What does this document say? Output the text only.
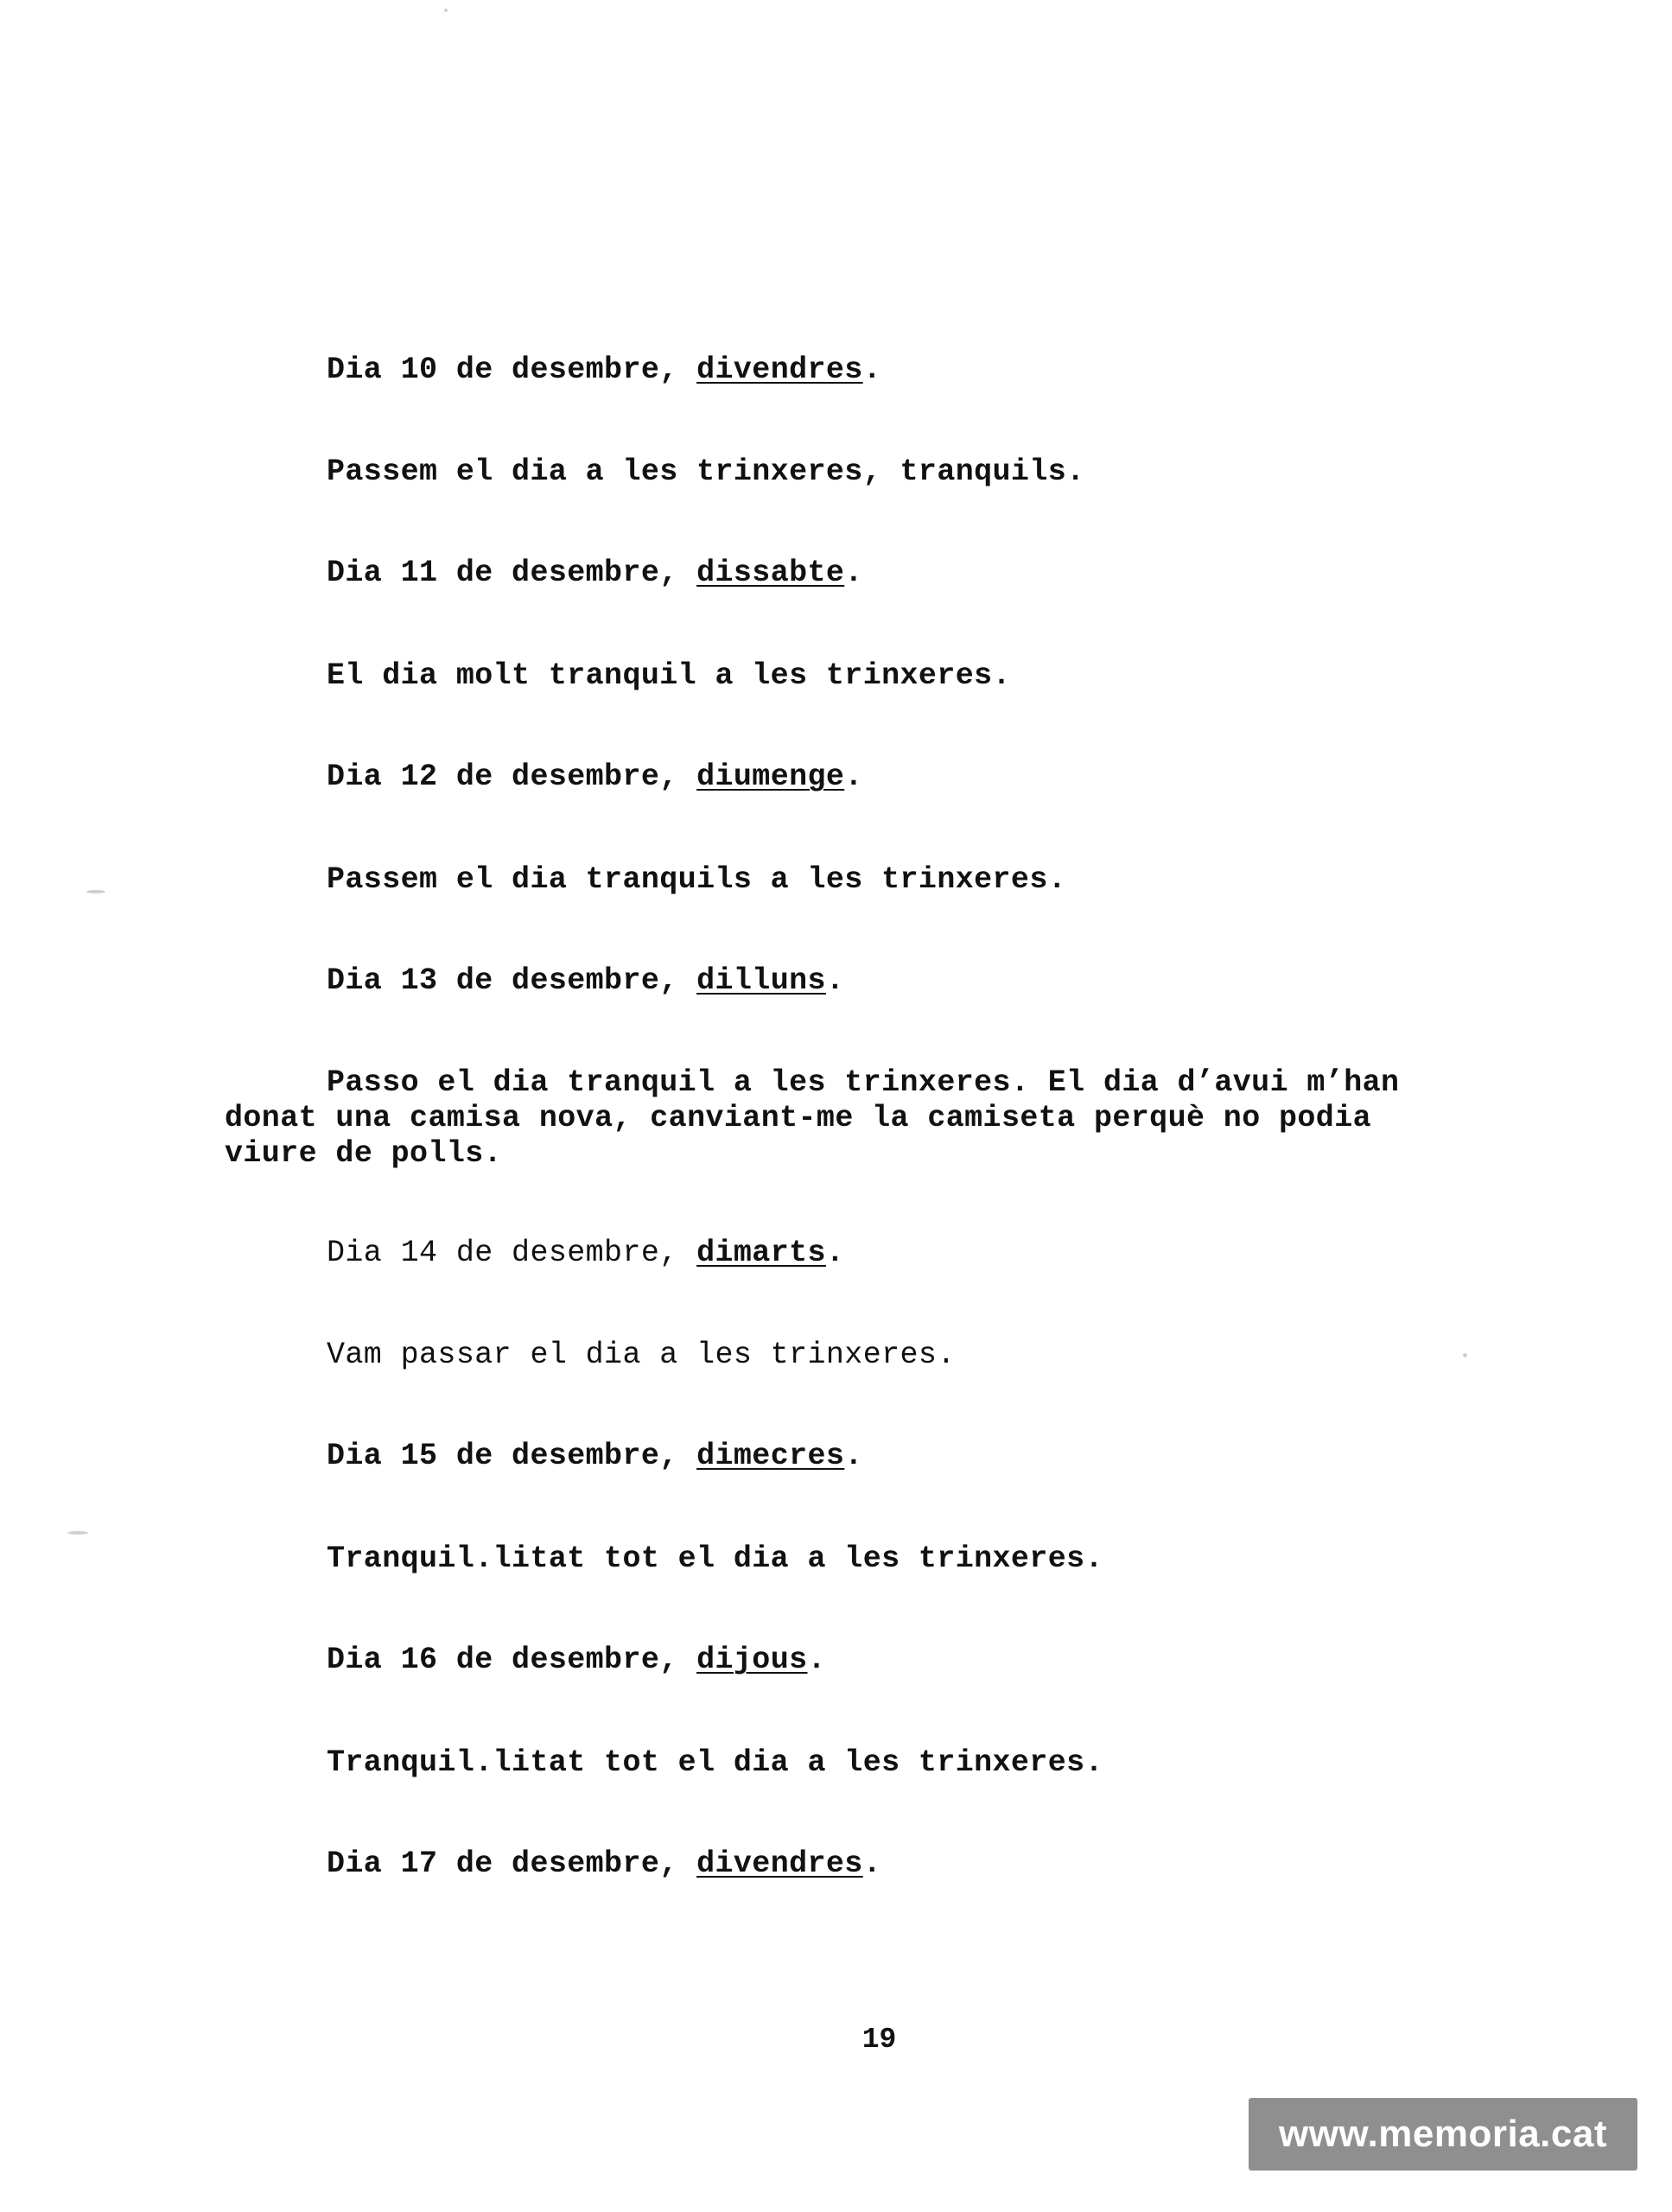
Dia 10 de desembre, divendres.
Passem el dia a les trinxeres, tranquils.
Dia 11 de desembre, dissabte.
El dia molt tranquil a les trinxeres.
Dia 12 de desembre, diumenge.
Passem el dia tranquils a les trinxeres.
Dia 13 de desembre, dilluns.
Passo el dia tranquil a les trinxeres. El dia d’avui m’han
donat una camisa nova, canviant-me la camiseta perquè no podia
viure de polls.
Dia 14 de desembre, dimarts.
Vam passar el dia a les trinxeres.
Dia 15 de desembre, dimecres.
Tranquil.litat tot el dia a les trinxeres.
Dia 16 de desembre, dijous.
Tranquil.litat tot el dia a les trinxeres.
Dia 17 de desembre, divendres.
19
www.memoria.cat
